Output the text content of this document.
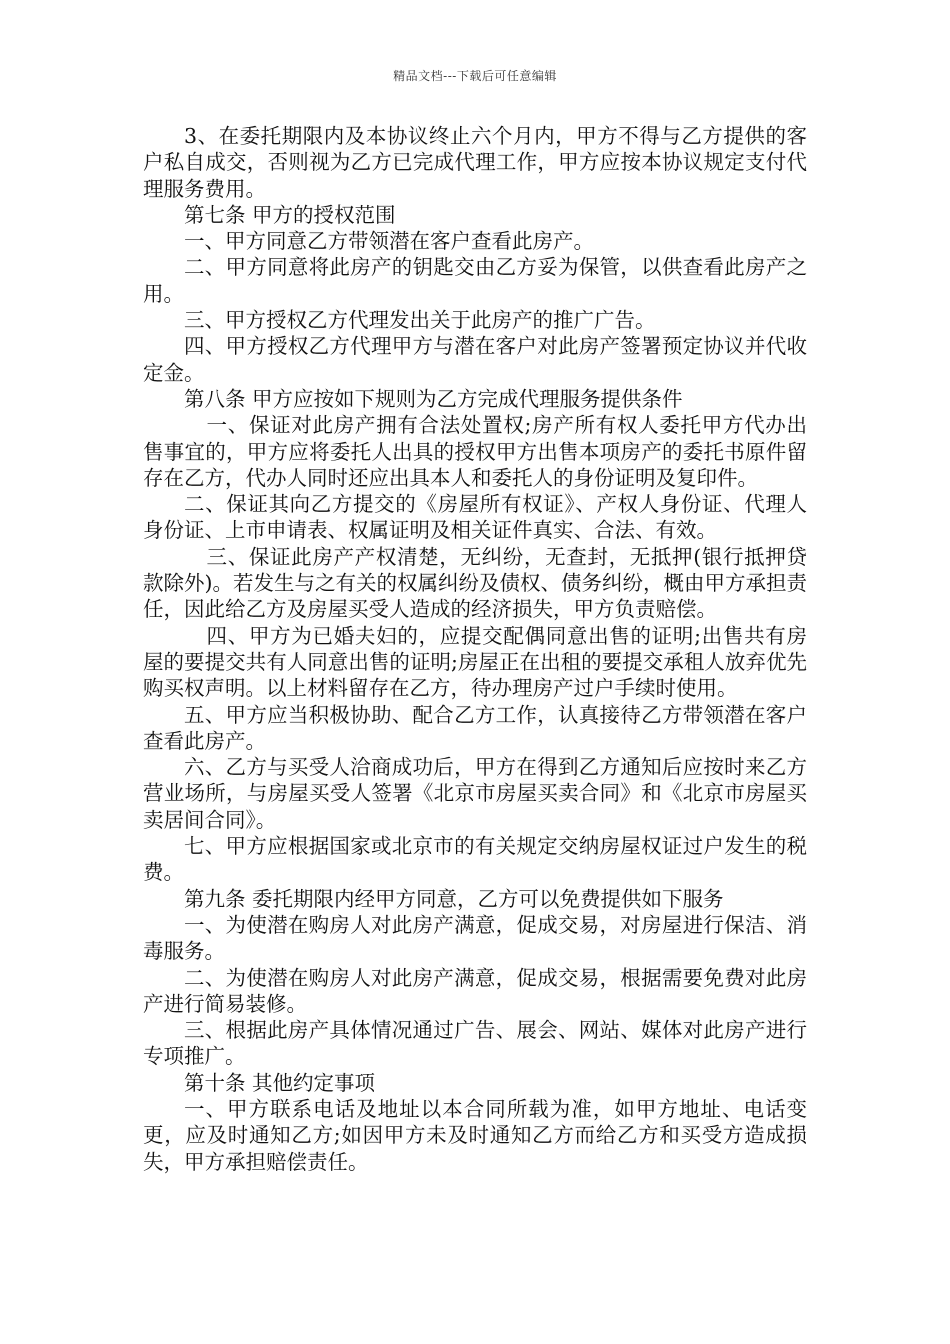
精品文档---下载后可任意编辑

3、在委托期限内及本协议终止六个月内，甲方不得与乙方提供的客户私自成交，否则视为乙方已完成代理工作，甲方应按本协议规定支付代理服务费用。

第七条 甲方的授权范围

一、甲方同意乙方带领潜在客户查看此房产。

二、甲方同意将此房产的钥匙交由乙方妥为保管，以供查看此房产之用。

三、甲方授权乙方代理发出关于此房产的推广广告。

四、甲方授权乙方代理甲方与潜在客户对此房产签署预定协议并代收定金。

第八条 甲方应按如下规则为乙方完成代理服务提供条件

一、保证对此房产拥有合法处置权;房产所有权人委托甲方代办出售事宜的，甲方应将委托人出具的授权甲方出售本项房产的委托书原件留存在乙方，代办人同时还应出具本人和委托人的身份证明及复印件。

二、保证其向乙方提交的《房屋所有权证》、产权人身份证、代理人身份证、上市申请表、权属证明及相关证件真实、合法、有效。

三、保证此房产产权清楚，无纠纷，无查封，无抵押(银行抵押贷款除外)。若发生与之有关的权属纠纷及债权、债务纠纷，概由甲方承担责任，因此给乙方及房屋买受人造成的经济损失，甲方负责赔偿。

四、甲方为已婚夫妇的，应提交配偶同意出售的证明;出售共有房屋的要提交共有人同意出售的证明;房屋正在出租的要提交承租人放弃优先购买权声明。以上材料留存在乙方，待办理房产过户手续时使用。

五、甲方应当积极协助、配合乙方工作，认真接待乙方带领潜在客户查看此房产。

六、乙方与买受人洽商成功后，甲方在得到乙方通知后应按时来乙方营业场所，与房屋买受人签署《北京市房屋买卖合同》和《北京市房屋买卖居间合同》。

七、甲方应根据国家或北京市的有关规定交纳房屋权证过户发生的税费。

第九条 委托期限内经甲方同意，乙方可以免费提供如下服务

一、为使潜在购房人对此房产满意，促成交易，对房屋进行保洁、消毒服务。

二、为使潜在购房人对此房产满意，促成交易，根据需要免费对此房产进行简易装修。

三、根据此房产具体情况通过广告、展会、网站、媒体对此房产进行专项推广。

第十条 其他约定事项

一、甲方联系电话及地址以本合同所载为准，如甲方地址、电话变更，应及时通知乙方;如因甲方未及时通知乙方而给乙方和买受方造成损失，甲方承担赔偿责任。
